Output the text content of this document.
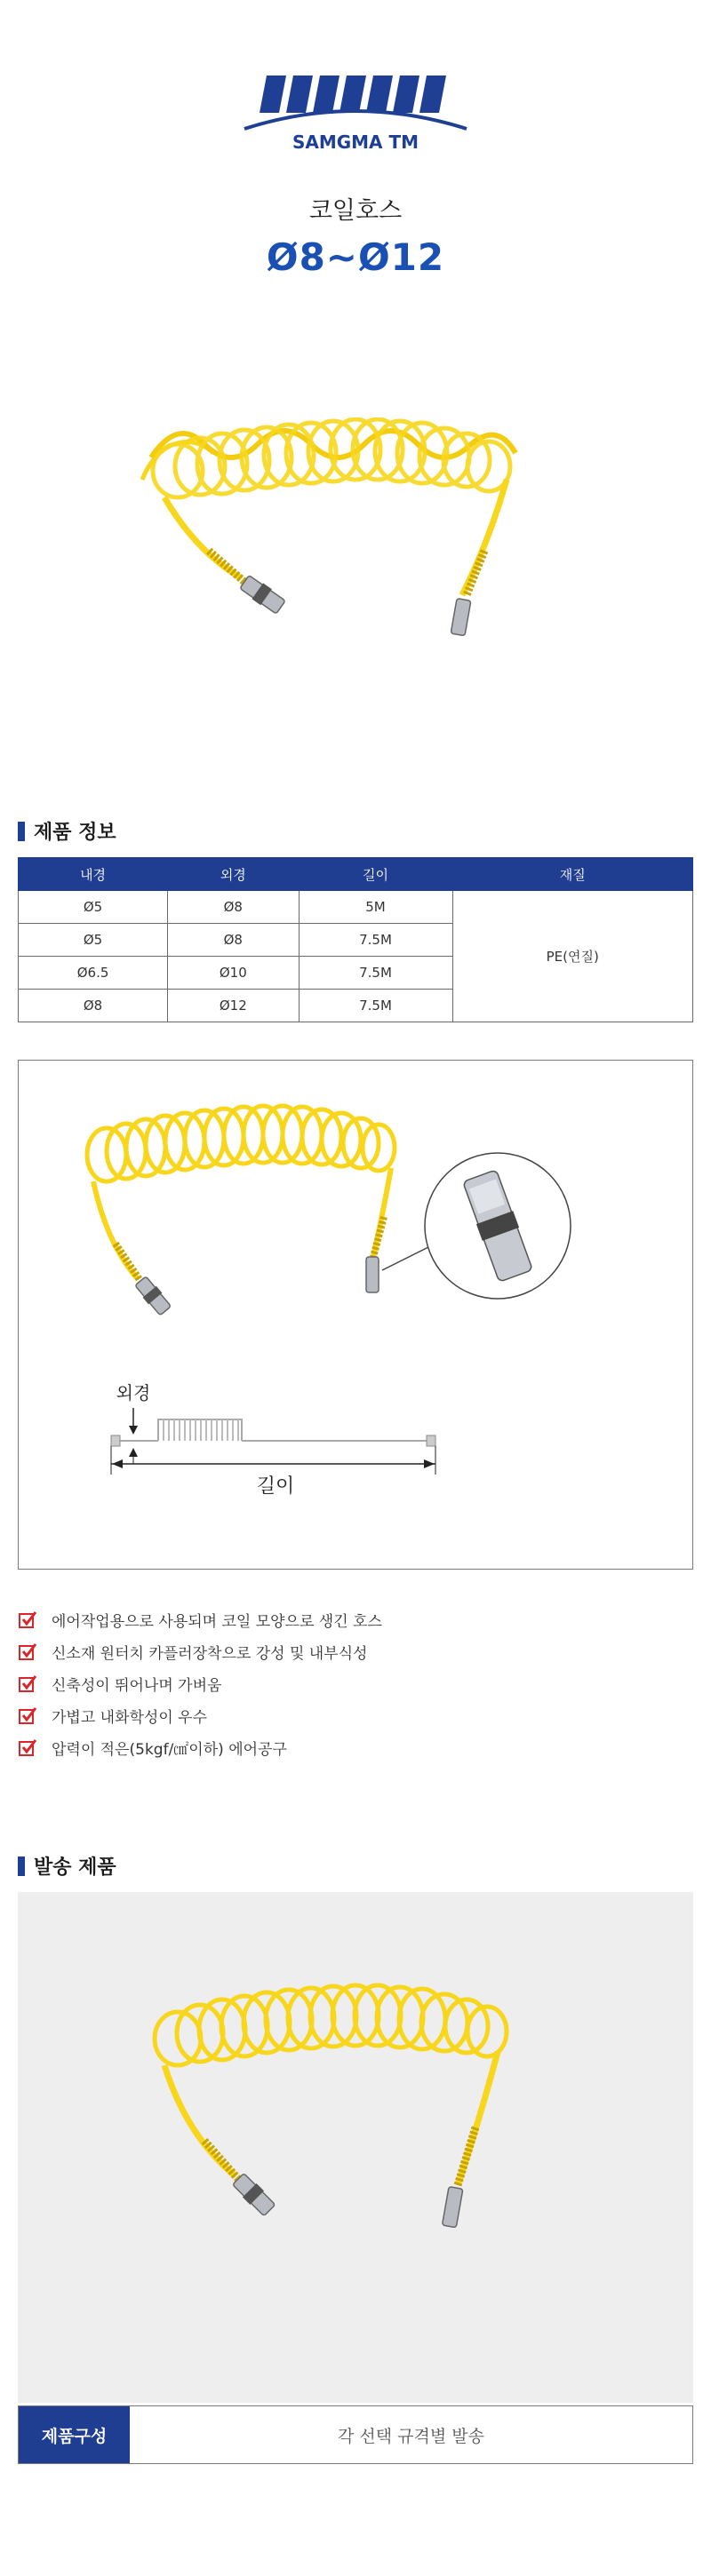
SAMGMA TM
코일호스
Ø8~Ø12
제품 정보
내경	외경	길이	재질
Ø5	Ø8	5M	PE(연질)
Ø5	Ø8	7.5M	
Ø6.5	Ø10	7.5M	
Ø8	Ø12	7.5M	
외경
길이
에어작업용으로 사용되며 코일 모양으로 생긴 호스
신소재 원터치 카플러장착으로 강성 및 내부식성
신축성이 뛰어나며 가벼움
가볍고 내화학성이 우수
압력이 적은(5kgf/㎠이하) 에어공구
발송 제품
제품구성	각 선택 규격별 발송
